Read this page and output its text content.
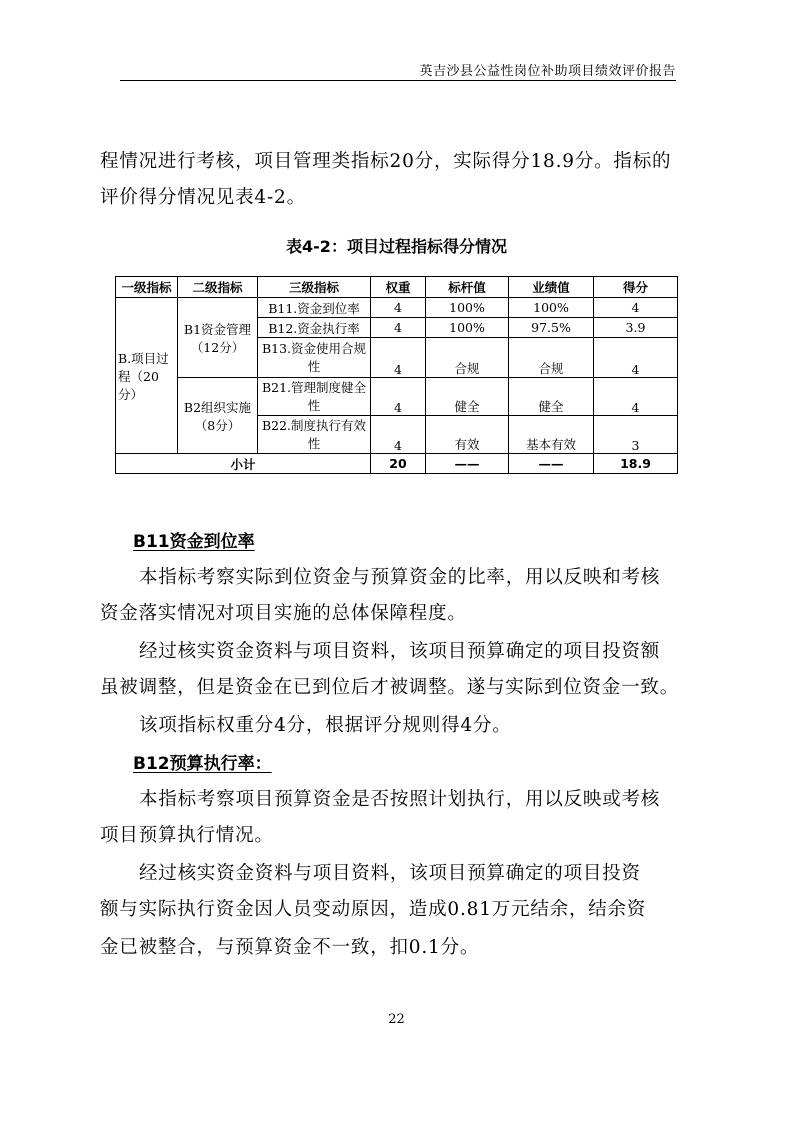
英吉沙县公益性岗位补助项目绩效评价报告
程情况进行考核，项目管理类指标20分，实际得分18.9分。指标的
评价得分情况见表4-2。
表4-2：项目过程指标得分情况
一级指标	二级指标	三级指标	权重	标杆值	业绩值	得分
B.项目过程（20分）	B1资金管理（12分）	B11.资金到位率	4	100%	100%	4
		B12.资金执行率	4	100%	97.5%	3.9
		B13.资金使用合规性	4	合规	合规	4
	B2组织实施（8分）	B21.管理制度健全性	4	健全	健全	4
		B22.制度执行有效性	4	有效	基本有效	3
小计			20	——	——	18.9
B11资金到位率
本指标考察实际到位资金与预算资金的比率，用以反映和考核
资金落实情况对项目实施的总体保障程度。
经过核实资金资料与项目资料，该项目预算确定的项目投资额
虽被调整，但是资金在已到位后才被调整。遂与实际到位资金一致。
该项指标权重分4分，根据评分规则得4分。
B12预算执行率：
本指标考察项目预算资金是否按照计划执行，用以反映或考核
项目预算执行情况。
经过核实资金资料与项目资料，该项目预算确定的项目投资
额与实际执行资金因人员变动原因，造成0.81万元结余，结余资
金已被整合，与预算资金不一致，扣0.1分。
22
